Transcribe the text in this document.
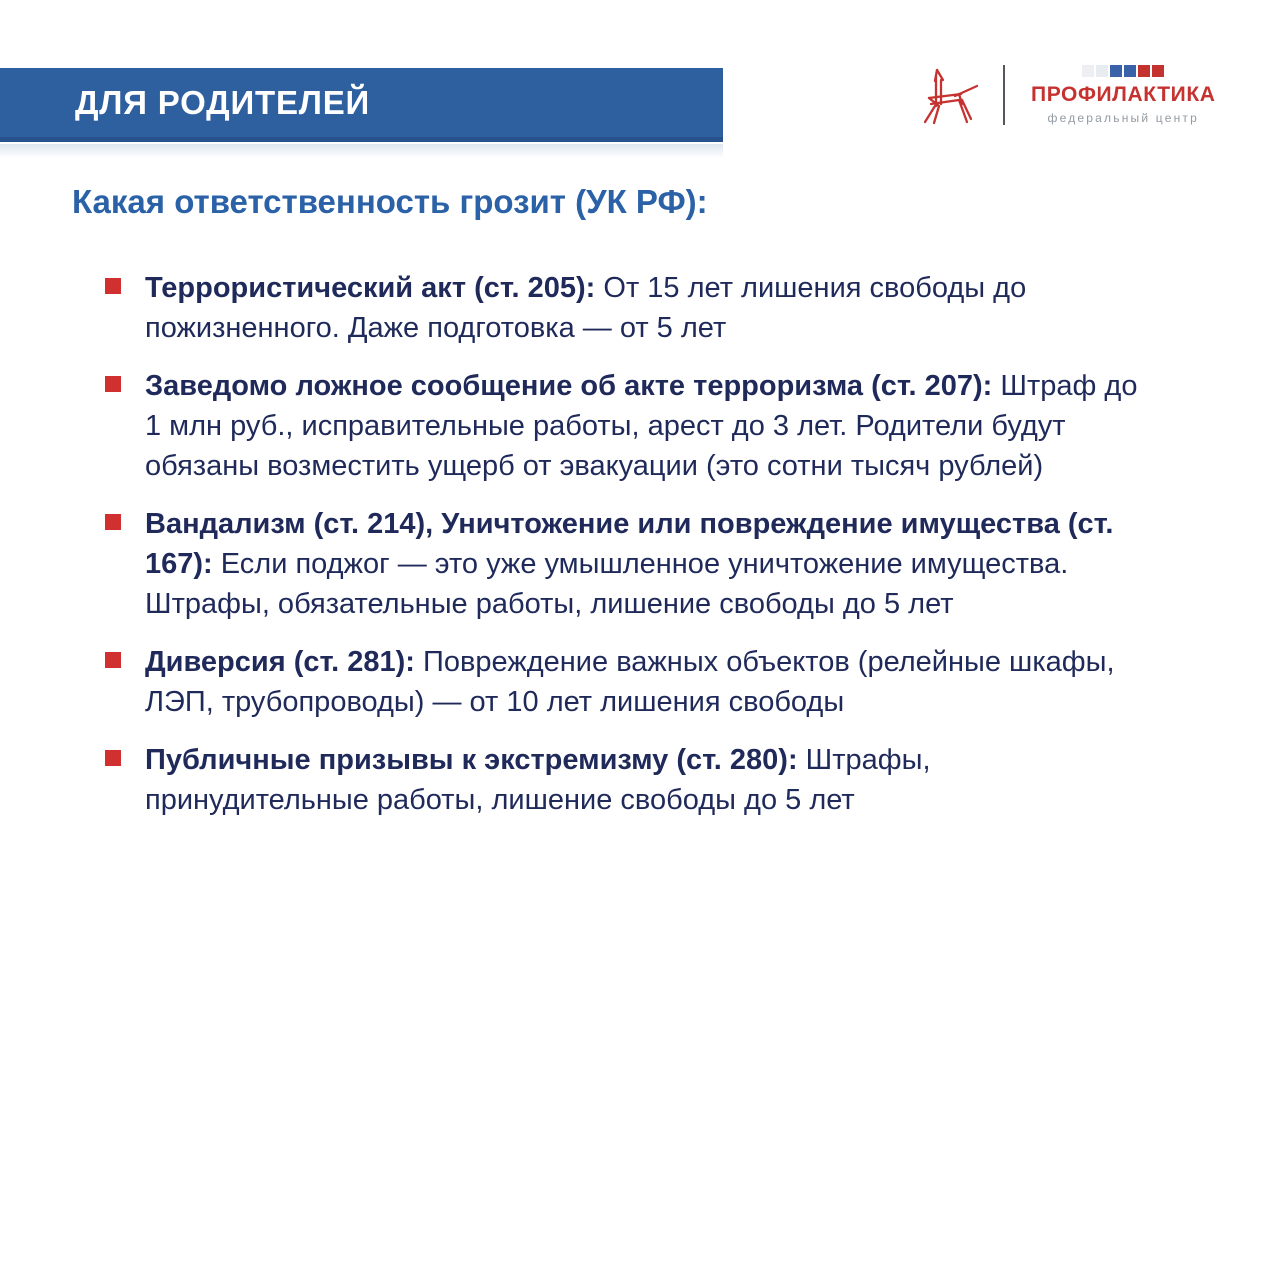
ДЛЯ РОДИТЕЛЕЙ	ПРОФИЛАКТИКА
федеральный центр
Какая ответственность грозит (УК РФ):
Террористический акт (ст. 205): От 15 лет лишения свободы до пожизненного. Даже подготовка — от 5 лет
Заведомо ложное сообщение об акте терроризма (ст. 207): Штраф до 1 млн руб., исправительные работы, арест до 3 лет. Родители будут обязаны возместить ущерб от эвакуации (это сотни тысяч рублей)
Вандализм (ст. 214), Уничтожение или повреждение имущества (ст. 167): Если поджог — это уже умышленное уничтожение имущества. Штрафы, обязательные работы, лишение свободы до 5 лет
Диверсия (ст. 281): Повреждение важных объектов (релейные шкафы, ЛЭП, трубопроводы) — от 10 лет лишения свободы
Публичные призывы к экстремизму (ст. 280): Штрафы, принудительные работы, лишение свободы до 5 лет
